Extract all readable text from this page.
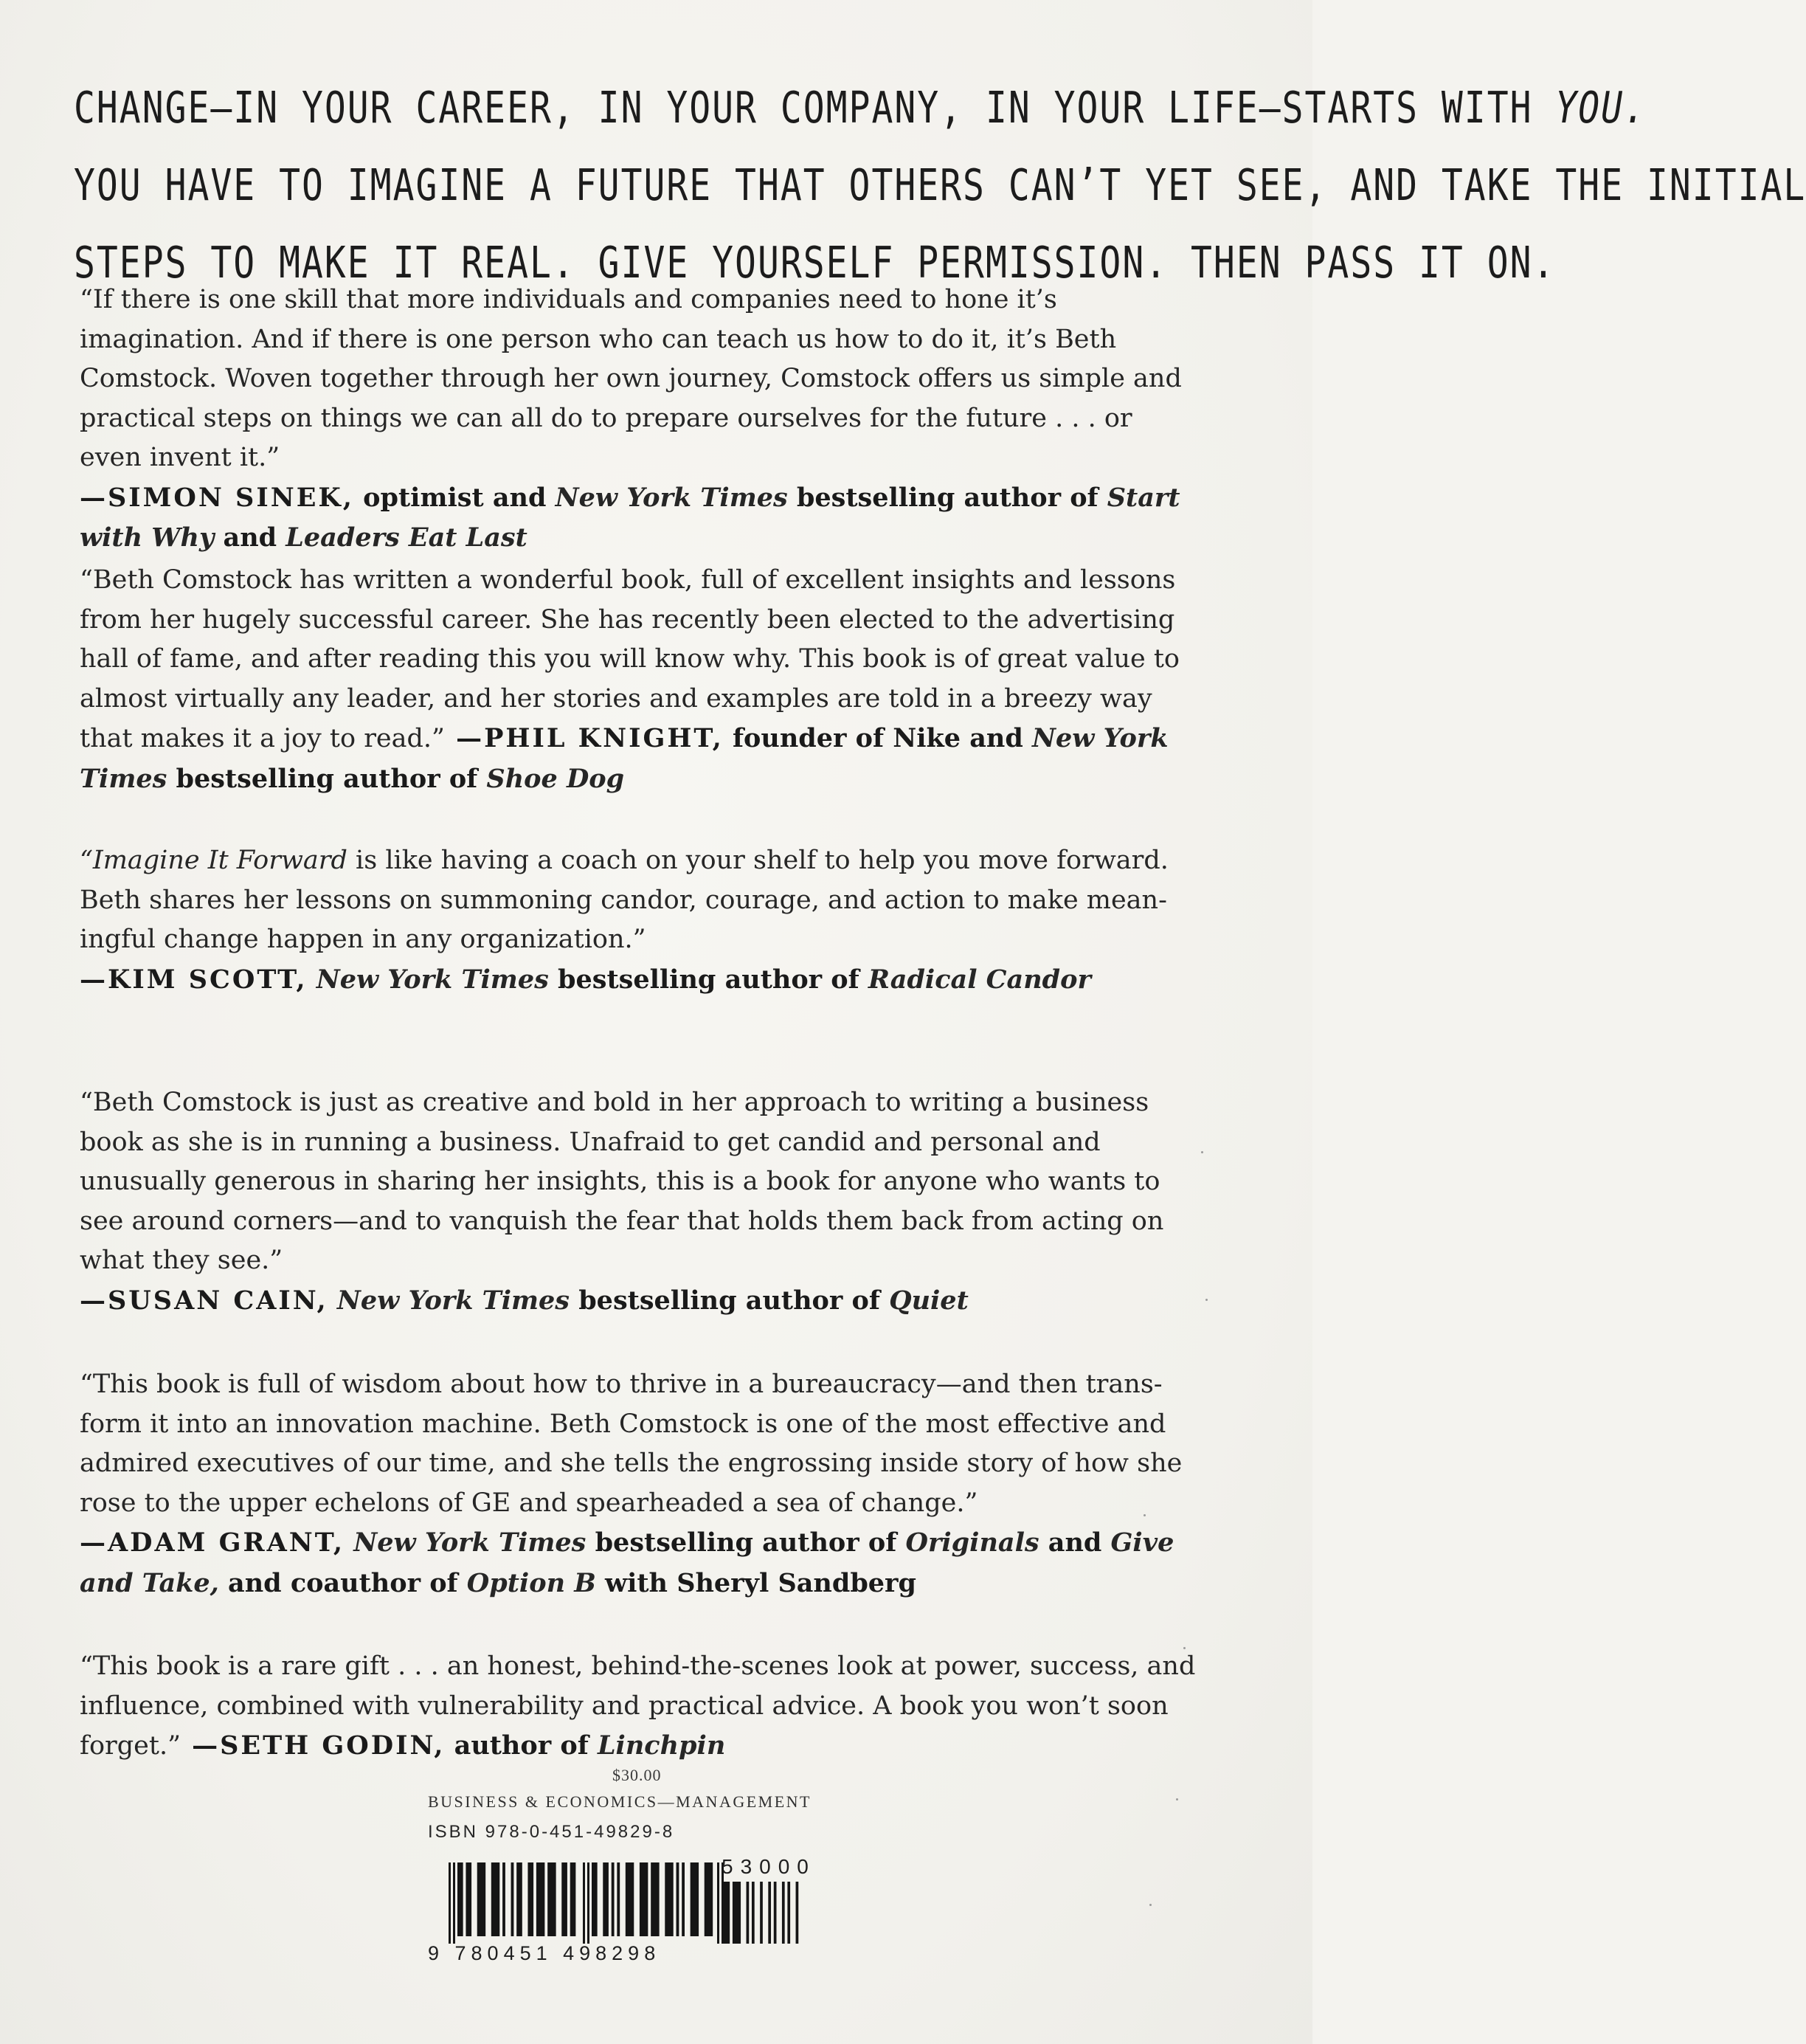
CHANGE—IN YOUR CAREER, IN YOUR COMPANY, IN YOUR LIFE—STARTS WITH YOU.
YOU HAVE TO IMAGINE A FUTURE THAT OTHERS CAN’T YET SEE, AND TAKE THE INITIAL
STEPS TO MAKE IT REAL. GIVE YOURSELF PERMISSION. THEN PASS IT ON.

“If there is one skill that more individuals and companies need to hone it’s imagination. And if there is one person who can teach us how to do it, it’s Beth Comstock. Woven together through her own journey, Comstock offers us simple and practical steps on things we can all do to prepare ourselves for the future . . . or even invent it.”
—SIMON SINEK, optimist and New York Times bestselling author of Start with Why and Leaders Eat Last

“Beth Comstock has written a wonderful book, full of excellent insights and lessons from her hugely successful career. She has recently been elected to the advertising hall of fame, and after reading this you will know why. This book is of great value to almost virtually any leader, and her stories and examples are told in a breezy way that makes it a joy to read.” —PHIL KNIGHT, founder of Nike and New York Times bestselling author of Shoe Dog

“Imagine It Forward is like having a coach on your shelf to help you move forward. Beth shares her lessons on summoning candor, courage, and action to make meaningful change happen in any organization.”
—KIM SCOTT, New York Times bestselling author of Radical Candor

“Beth Comstock is just as creative and bold in her approach to writing a business book as she is in running a business. Unafraid to get candid and personal and unusually generous in sharing her insights, this is a book for anyone who wants to see around corners—and to vanquish the fear that holds them back from acting on what they see.”
—SUSAN CAIN, New York Times bestselling author of Quiet

“This book is full of wisdom about how to thrive in a bureaucracy—and then transform it into an innovation machine. Beth Comstock is one of the most effective and admired executives of our time, and she tells the engrossing inside story of how she rose to the upper echelons of GE and spearheaded a sea of change.”
—ADAM GRANT, New York Times bestselling author of Originals and Give and Take, and coauthor of Option B with Sheryl Sandberg

“This book is a rare gift . . . an honest, behind-the-scenes look at power, success, and influence, combined with vulnerability and practical advice. A book you won’t soon forget.” —SETH GODIN, author of Linchpin

$30.00

BUSINESS & ECONOMICS—MANAGEMENT

ISBN 978-0-451-49829-8

9 780451 498298
53000
